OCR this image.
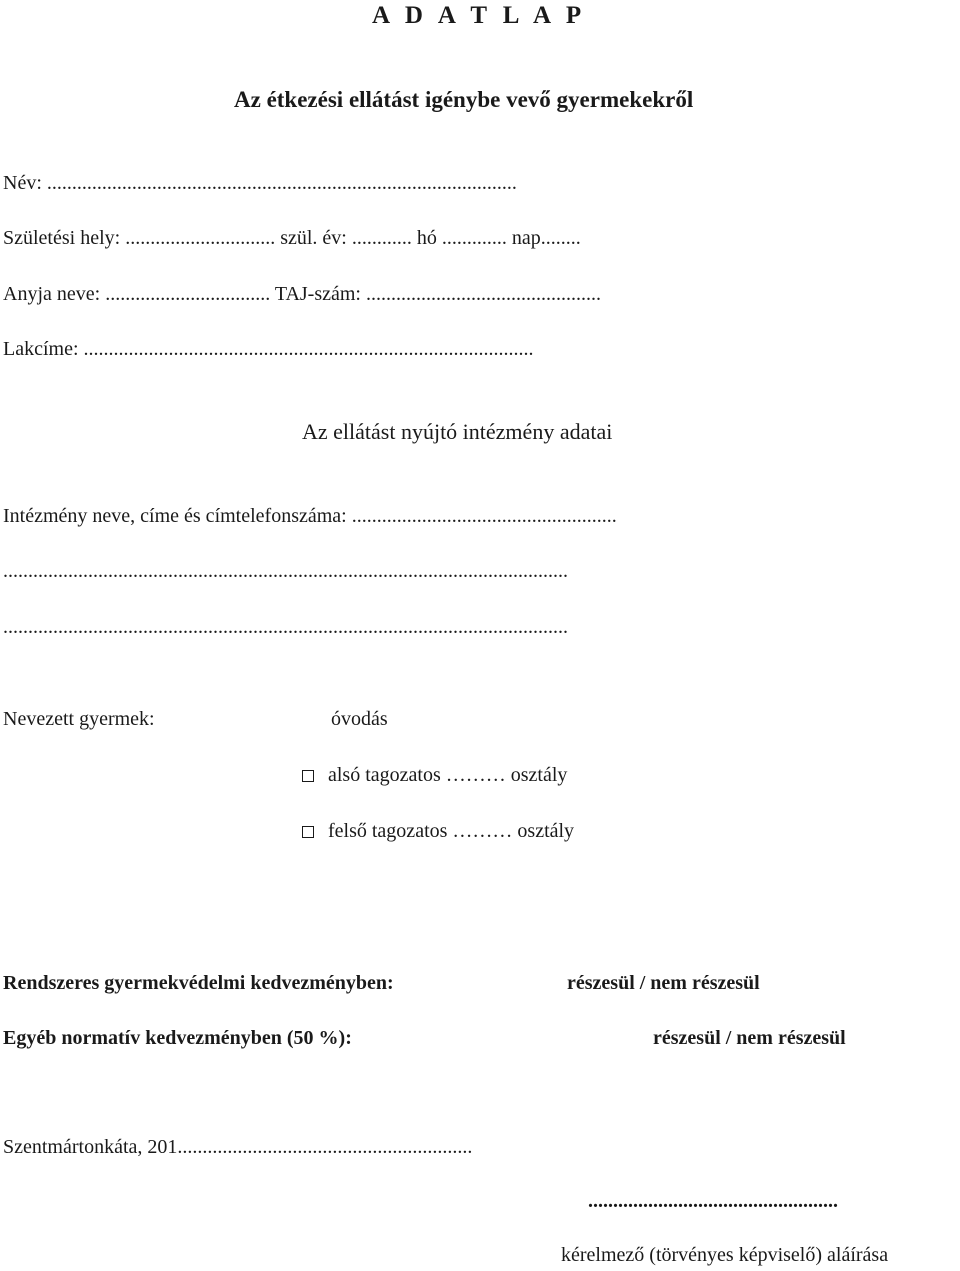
A D A T L A P
Az étkezési ellátást igénybe vevő gyermekekről
Név: ..............................................................................................
Születési hely: .............................. szül. év: ............ hó ............. nap........
Anyja neve: ................................. TAJ-szám: ...............................................
Lakcíme: ..........................................................................................
Az ellátást nyújtó intézmény adatai
Intézmény neve, címe és címtelefonszáma: .....................................................
.................................................................................................................
.................................................................................................................
Nevezett gyermek:	óvodás
alsó tagozatos ……… osztály
felső tagozatos ……… osztály
Rendszeres gyermekvédelmi kedvezményben:	részesül / nem részesül
Egyéb normatív kedvezményben (50 %):	részesül / nem részesül
Szentmártonkáta, 201...........................................................
..................................................
kérelmező (törvényes képviselő) aláírása
